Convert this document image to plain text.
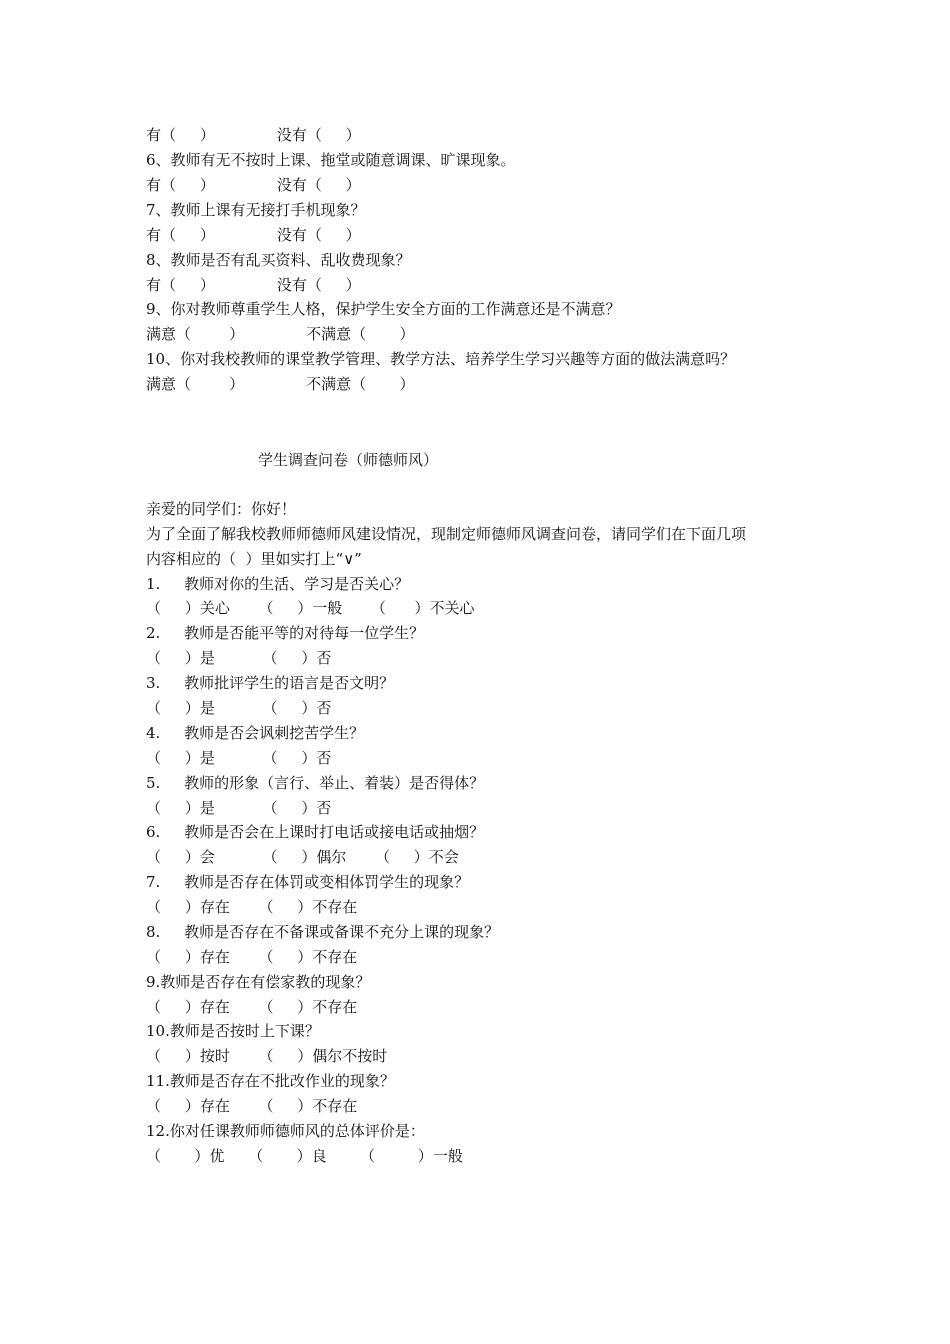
有（     ）             没有（     ）
6、教师有无不按时上课、拖堂或随意调课、旷课现象。
有（     ）             没有（     ）
7、教师上课有无接打手机现象？
有（     ）             没有（     ）
8、教师是否有乱买资料、乱收费现象？
有（     ）             没有（     ）
9、你对教师尊重学生人格，保护学生安全方面的工作满意还是不满意？
满意（        ）             不满意（       ）
10、你对我校教师的课堂教学管理、教学方法、培养学生学习兴趣等方面的做法满意吗？
满意（        ）             不满意（       ）
学生调查问卷（师德师风）
亲爱的同学们：你好！
为了全面了解我校教师师德师风建设情况，现制定师德师风调查问卷，请同学们在下面几项
内容相应的（  ）里如实打上“∨”
1.     教师对你的生活、学习是否关心？
（     ）关心      （     ）一般      （      ）不关心
2.     教师是否能平等的对待每一位学生？
（     ）是          （     ）否
3.     教师批评学生的语言是否文明？
（     ）是          （     ）否
4.     教师是否会讽刺挖苦学生？
（     ）是          （     ）否
5.     教师的形象（言行、举止、着装）是否得体？
（     ）是          （     ）否
6.     教师是否会在上课时打电话或接电话或抽烟？
（     ）会          （     ）偶尔      （     ）不会
7.     教师是否存在体罚或变相体罚学生的现象？
（     ）存在      （     ）不存在
8.     教师是否存在不备课或备课不充分上课的现象？
（     ）存在      （     ）不存在
9.教师是否存在有偿家教的现象？
（     ）存在      （     ）不存在
10.教师是否按时上下课？
（     ）按时      （     ）偶尔不按时
11.教师是否存在不批改作业的现象？
（     ）存在      （     ）不存在
12.你对任课教师师德师风的总体评价是：
（       ）优     （       ）良       （         ）一般
